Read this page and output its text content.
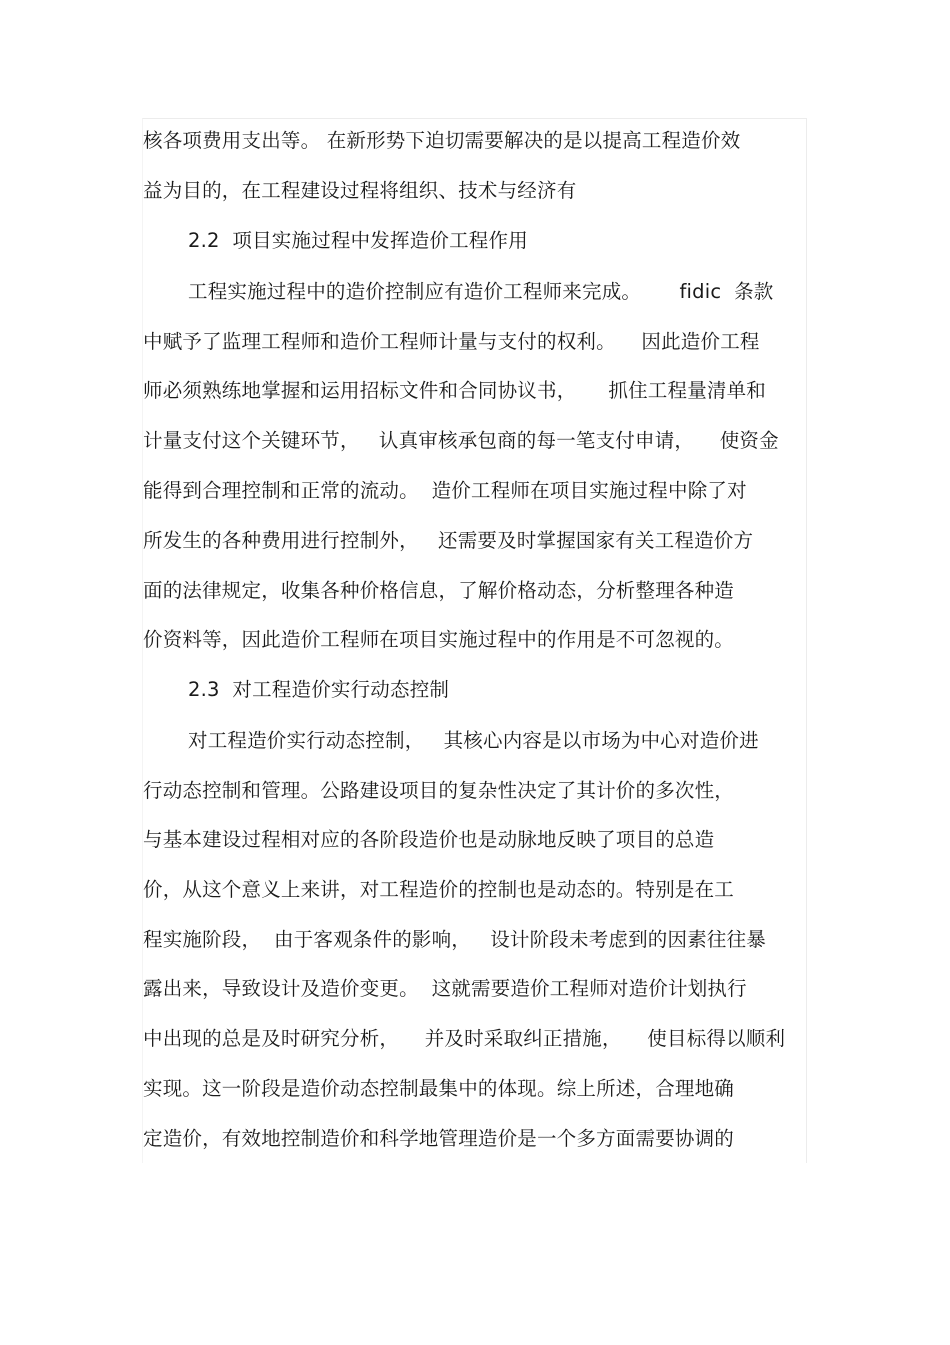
核各项费用支出等。 在新形势下迫切需要解决的是以提高工程造价效
益为目的，在工程建设过程将组织、技术与经济有
2.2  项目实施过程中发挥造价工程作用
工程实施过程中的造价控制应有造价工程师来完成。      fidic  条款
中赋予了监理工程师和造价工程师计量与支付的权利。    因此造价工程
师必须熟练地掌握和运用招标文件和合同协议书，     抓住工程量清单和
计量支付这个关键环节，   认真审核承包商的每一笔支付申请，    使资金
能得到合理控制和正常的流动。  造价工程师在项目实施过程中除了对
所发生的各种费用进行控制外，   还需要及时掌握国家有关工程造价方
面的法律规定，收集各种价格信息，了解价格动态，分析整理各种造
价资料等，因此造价工程师在项目实施过程中的作用是不可忽视的。
2.3  对工程造价实行动态控制
对工程造价实行动态控制，   其核心内容是以市场为中心对造价进
行动态控制和管理。公路建设项目的复杂性决定了其计价的多次性，
与基本建设过程相对应的各阶段造价也是动脉地反映了项目的总造
价，从这个意义上来讲，对工程造价的控制也是动态的。特别是在工
程实施阶段，  由于客观条件的影响，   设计阶段未考虑到的因素往往暴
露出来，导致设计及造价变更。  这就需要造价工程师对造价计划执行
中出现的总是及时研究分析，    并及时采取纠正措施，    使目标得以顺利
实现。这一阶段是造价动态控制最集中的体现。综上所述，合理地确
定造价，有效地控制造价和科学地管理造价是一个多方面需要协调的
